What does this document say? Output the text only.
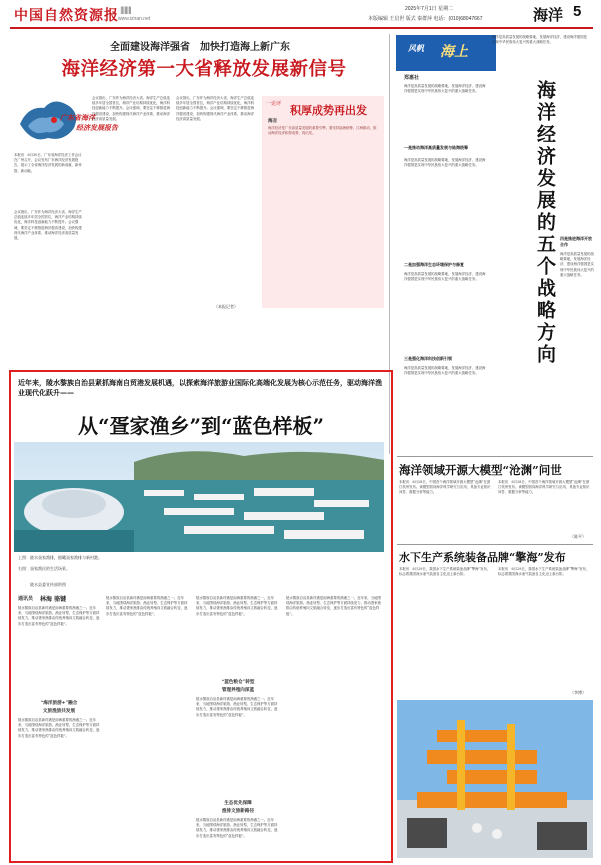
中国自然资源报 ||||||||
www.iziran.net
2025年7月1日 星期二
本版编辑 王启世 版式 秦群萍 电话：(010)68047667	海洋 5
全面建设海洋强省　加快打造海上新广东
海洋经济第一大省释放发展新信号
广东省海洋
经济发展报告
本报讯　6月30日，广东省海洋经济工作会议在广州召开，会议发布广东海洋经济发展报告，展示了全省海洋经济发展的新成就、新举措、新动能。
会议指出，广东作为海洋经济大省，海洋生产总值连续多年居全国首位，海洋产业结构持续优化，海洋科技创新能力不断提升。会议强调，要坚定不移推进海洋强省建设，加快构建现代海洋产业体系，推动海洋经济高质量发展。
会议指出，广东作为海洋经济大省，海洋生产总值连续多年居全国首位，海洋产业结构持续优化，海洋科技创新能力不断提升。会议强调，要坚定不移推进海洋强省建设，加快构建现代海洋产业体系，推动海洋经济高质量发展。
会议指出，广东作为海洋经济大省，海洋生产总值连续多年居全国首位，海洋产业结构持续优化，海洋科技创新能力不断提升。会议强调，要坚定不移推进海洋强省建设，加快构建现代海洋产业体系，推动海洋经济高质量发展。
（本报记者）
一论评 积厚成势再出发
海言
海洋经济是广东高质量发展的重要引擎。要坚持陆海统筹、江海联动，推动海洋经济积厚成势、再出发。
风帆 海上
郑惠社
海洋是高质量发展的战略要地，发展海洋经济、建设海洋强国是实现中华民族伟大复兴的重大战略任务。
一是推动海洋高质量发展与陆海统筹
海洋是高质量发展的战略要地，发展海洋经济、建设海洋强国是实现中华民族伟大复兴的重大战略任务。
二是加强海洋生态环境保护与修复
海洋是高质量发展的战略要地，发展海洋经济、建设海洋强国是实现中华民族伟大复兴的重大战略任务。
三是强化海洋科技创新引领
海洋是高质量发展的战略要地，发展海洋经济、建设海洋强国是实现中华民族伟大复兴的重大战略任务。
海洋是高质量发展的战略要地，发展海洋经济、建设海洋强国是实现中华民族伟大复兴的重大战略任务。
海洋经济发展的五个战略方向	四是推进海洋开放合作
海洋是高质量发展的战略要地，发展海洋经济、建设海洋强国是实现中华民族伟大复兴的重大战略任务。
近年来，陵水黎族自治县紧抓海南自贸港发展机遇，以探索海洋旅游业国际化高端化发展为核心示范任务，驱动海洋渔业现代化跃升——
从“疍家渔乡”到“蓝色样板”
上图：陵水疍家渔排，俯瞰疍家渔排与新村港。
右图：疍家渔民的生活场景。
陵水县委宣传部供图
通讯员 林海 骆键
陵水黎族自治县新村港是南海重要的渔港之一。近年来，当地围绕海洋旅游、渔业转型、生态保护等方面持续发力，推动疍家渔排由传统养殖向文旅融合转变，逐步打造出富有特色的“蓝色样板”。
“海洋旅游+”融合
文旅渔旅共发展
陵水黎族自治县新村港是南海重要的渔港之一。近年来，当地围绕海洋旅游、渔业转型、生态保护等方面持续发力，推动疍家渔排由传统养殖向文旅融合转变，逐步打造出富有特色的“蓝色样板”。
陵水黎族自治县新村港是南海重要的渔港之一。近年来，当地围绕海洋旅游、渔业转型、生态保护等方面持续发力，推动疍家渔排由传统养殖向文旅融合转变，逐步打造出富有特色的“蓝色样板”。
陵水黎族自治县新村港是南海重要的渔港之一。近年来，当地围绕海洋旅游、渔业转型、生态保护等方面持续发力，推动疍家渔排由传统养殖向文旅融合转变，逐步打造出富有特色的“蓝色样板”。
“蓝色粮仓”转型
管理养殖向深蓝
陵水黎族自治县新村港是南海重要的渔港之一。近年来，当地围绕海洋旅游、渔业转型、生态保护等方面持续发力，推动疍家渔排由传统养殖向文旅融合转变，逐步打造出富有特色的“蓝色样板”。
生态优先保障
渔排文旅新路径
陵水黎族自治县新村港是南海重要的渔港之一。近年来，当地围绕海洋旅游、渔业转型、生态保护等方面持续发力，推动疍家渔排由传统养殖向文旅融合转变，逐步打造出富有特色的“蓝色样板”。
陵水黎族自治县新村港是南海重要的渔港之一。近年来，当地围绕海洋旅游、渔业转型、生态保护等方面持续发力，推动疍家渔排由传统养殖向文旅融合转变，逐步打造出富有特色的“蓝色样板”。
海洋领域开源大模型“沧渊”问世
本报讯　6月28日，中国首个海洋领域开源大模型“沧渊”在浙江杭州发布。该模型面向海洋科学研究与应用，具备专业知识问答、数据分析等能力。
本报讯　6月28日，中国首个海洋领域开源大模型“沧渊”在浙江杭州发布。该模型面向海洋科学研究与应用，具备专业知识问答、数据分析等能力。
（陈平）
水下生产系统装备品牌“擎海”发布
本报讯　6月29日，我国水下生产系统装备品牌“擎海”发布，标志着我国深水油气装备自主化迈上新台阶。
本报讯　6月29日，我国水下生产系统装备品牌“擎海”发布，标志着我国深水油气装备自主化迈上新台阶。
（李博）
